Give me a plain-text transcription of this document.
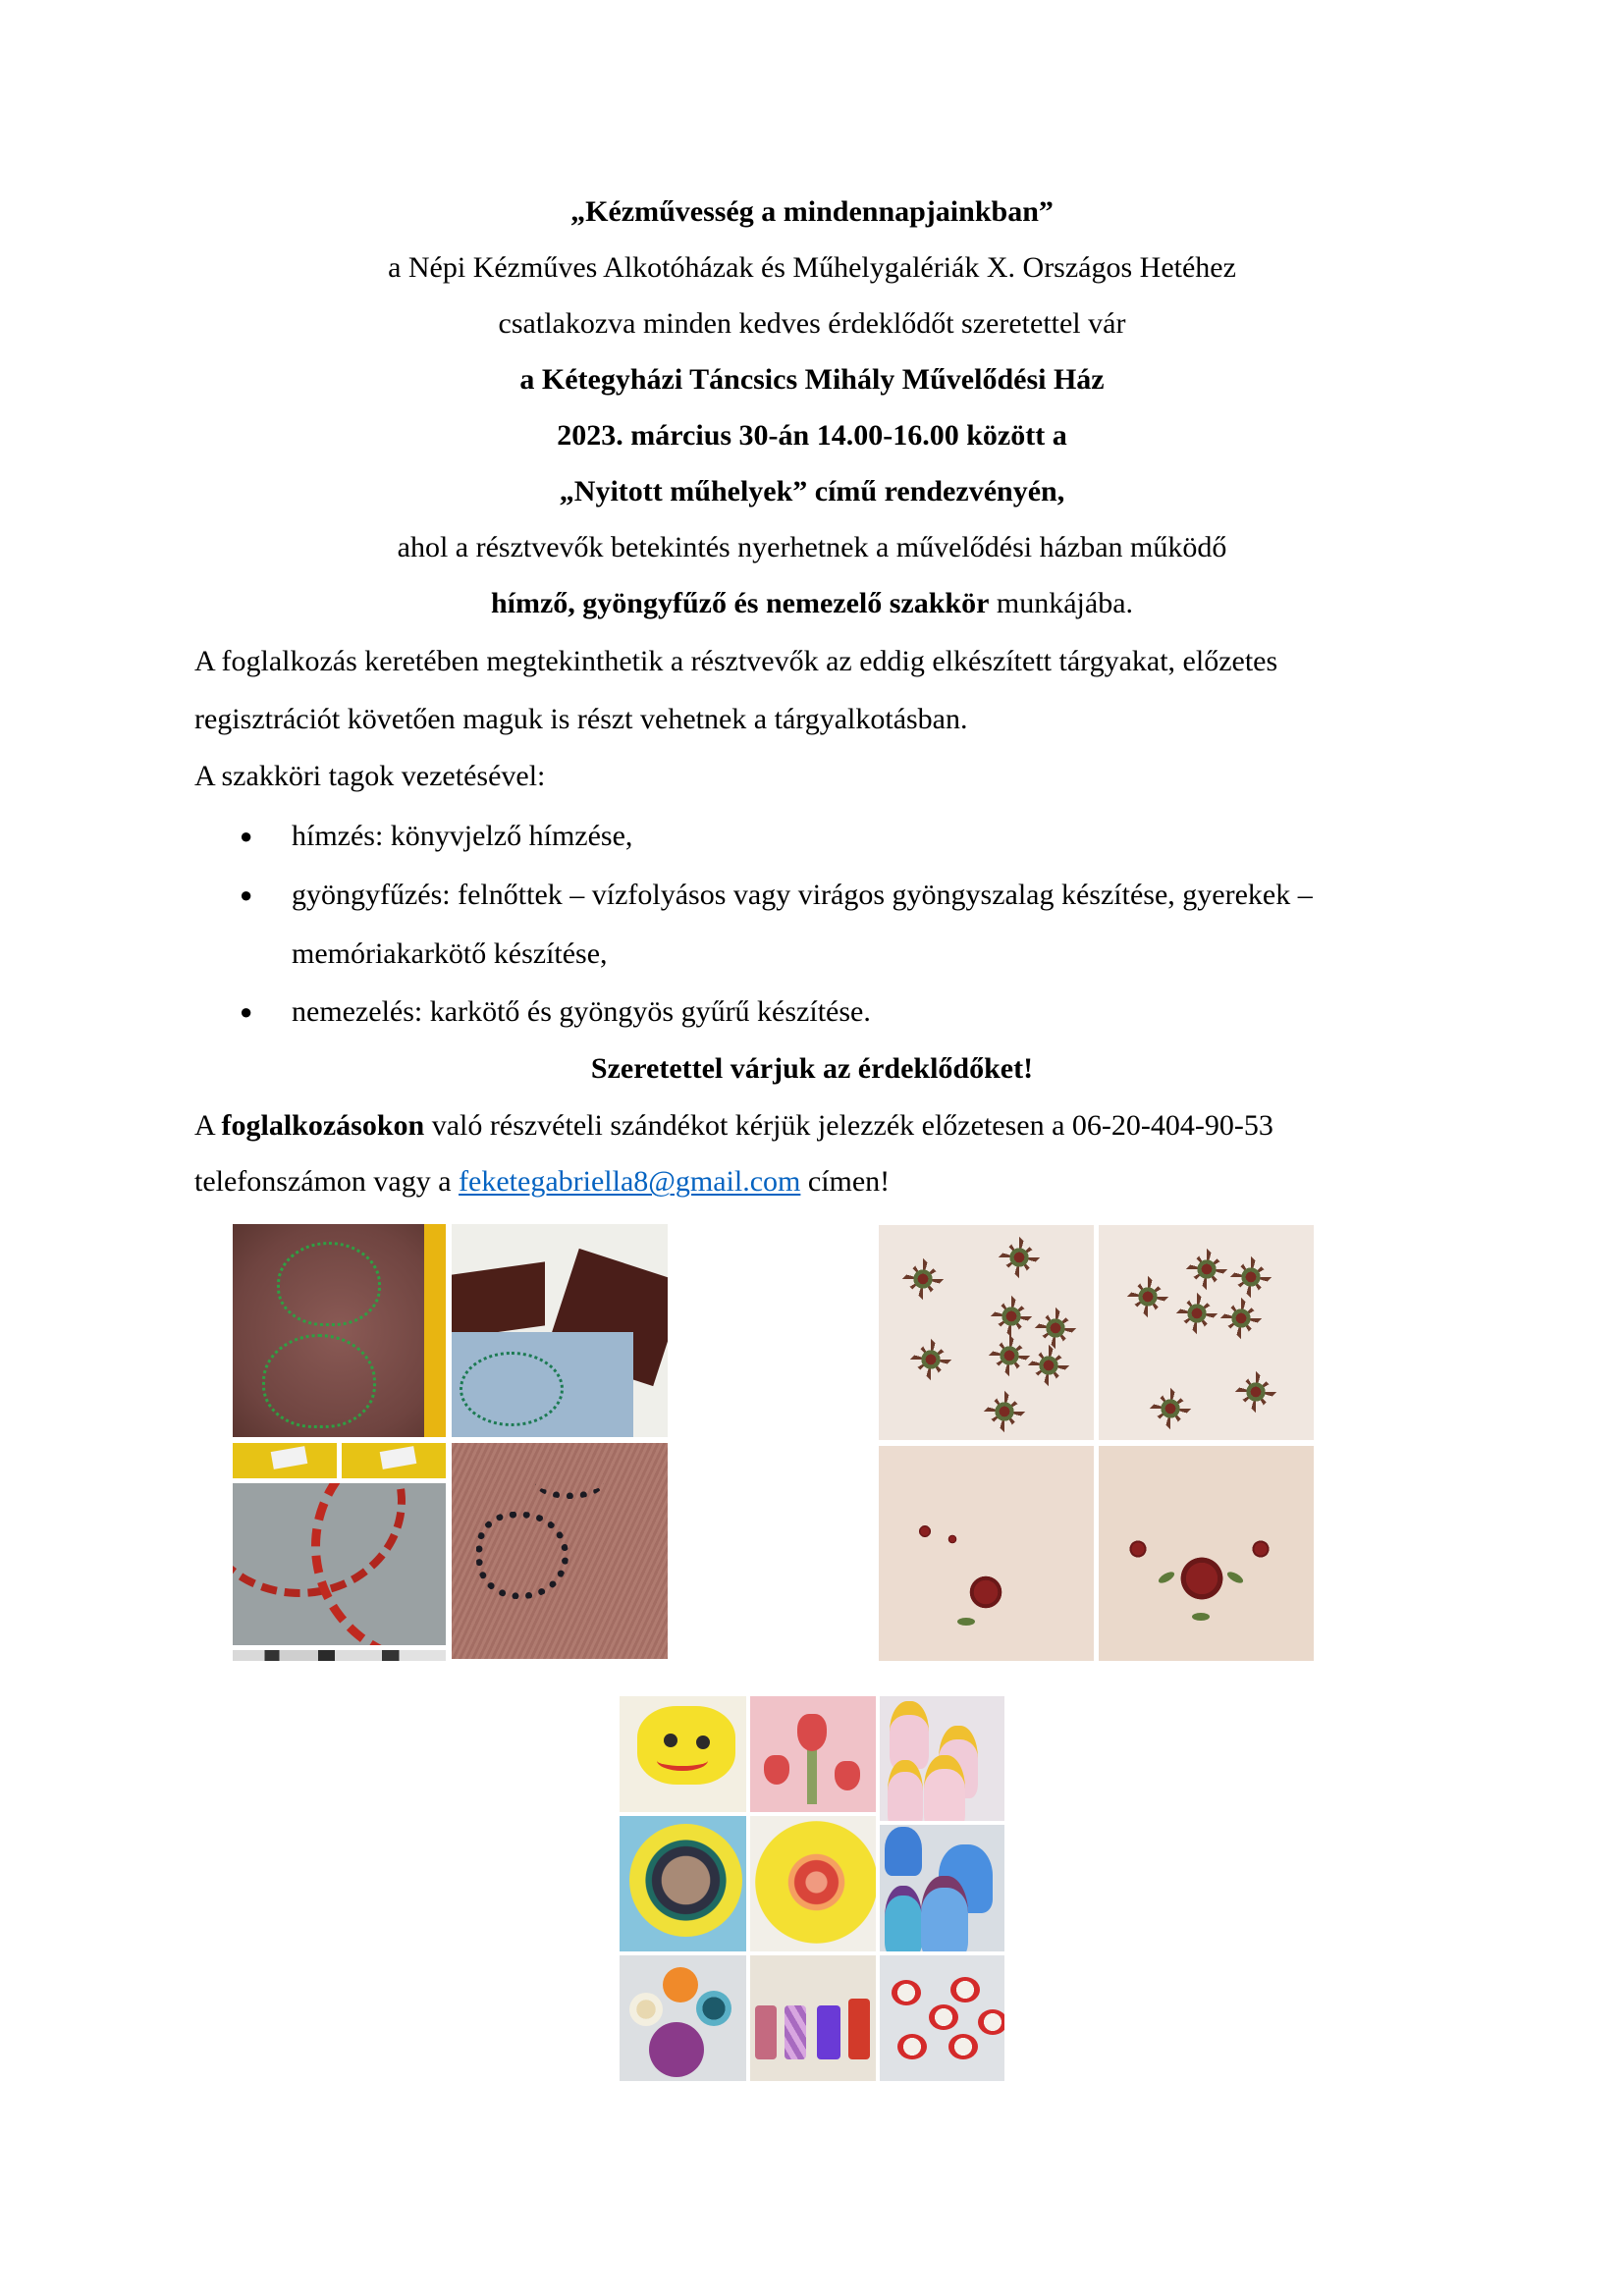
„Kézművesség a mindennapjainkban”
a Népi Kézműves Alkotóházak és Műhelygalériák X. Országos Hetéhez
csatlakozva minden kedves érdeklődőt szeretettel vár
a Kétegyházi Táncsics Mihály Művelődési Ház
2023. március 30-án 14.00-16.00 között a
„Nyitott műhelyek” című rendezvényén,
ahol a résztvevők betekintés nyerhetnek a művelődési házban működő
hímző, gyöngyfűző és nemezelő szakkör munkájába.
A foglalkozás keretében megtekinthetik a résztvevők az eddig elkészített tárgyakat, előzetes
regisztrációt követően maguk is részt vehetnek a tárgyalkotásban.
A szakköri tagok vezetésével:
● hímzés: könyvjelző hímzése,
● gyöngyfűzés: felnőttek – vízfolyásos vagy virágos gyöngyszalag készítése, gyerekek –
memóriakarkötő készítése,
● nemezelés: karkötő és gyöngyös gyűrű készítése.
Szeretettel várjuk az érdeklődőket!
A foglalkozásokon való részvételi szándékot kérjük jelezzék előzetesen a 06-20-404-90-53
telefonszámon vagy a feketegabriella8@gmail.com címen!
